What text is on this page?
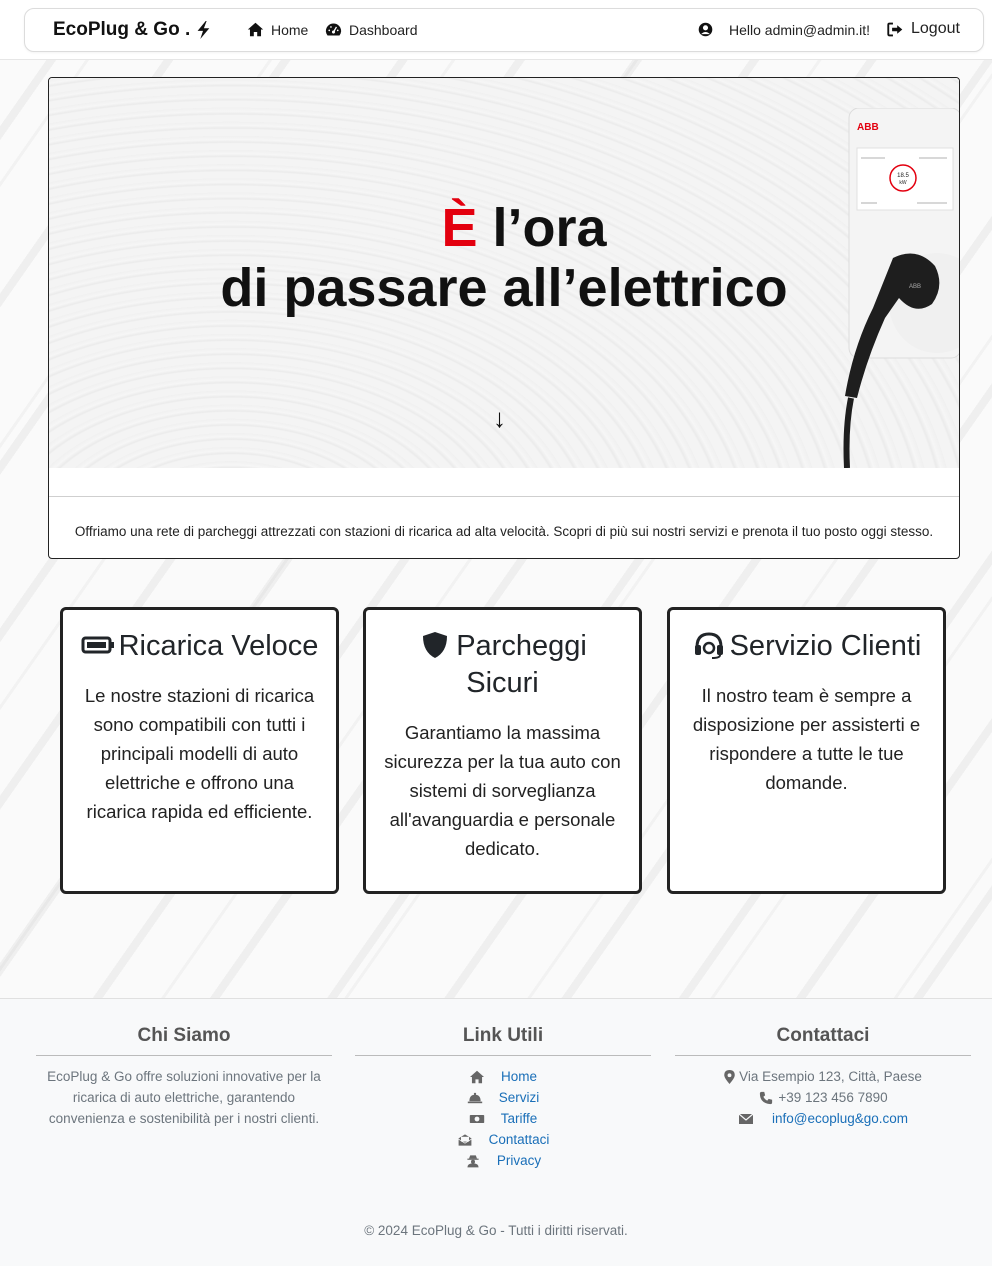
EcoPlug & Go .	Home	Dashboard	Hello admin@admin.it!	Logout
È l’ora
di passare all’elettrico
↓
ABB
18.5
kW
ABB

Offriamo una rete di parcheggi attrezzati con stazioni di ricarica ad alta velocità. Scopri di più sui nostri servizi e prenota il tuo posto oggi stesso.

Ricarica Veloce

Le nostre stazioni di ricarica sono compatibili con tutti i principali modelli di auto elettriche e offrono una ricarica rapida ed efficiente.

Parcheggi Sicuri

Garantiamo la massima sicurezza per la tua auto con sistemi di sorveglianza all'avanguardia e personale dedicato.

Servizio Clienti

Il nostro team è sempre a disposizione per assisterti e rispondere a tutte le tue domande.

Chi Siamo

EcoPlug & Go offre soluzioni innovative per la ricarica di auto elettriche, garantendo convenienza e sostenibilità per i nostri clienti.

Link Utili
Home
Servizi
Tariffe
Contattaci
Privacy
Contattaci
Via Esempio 123, Città, Paese
+39 123 456 7890
info@ecoplug&go.com

© 2024 EcoPlug & Go - Tutti i diritti riservati.
